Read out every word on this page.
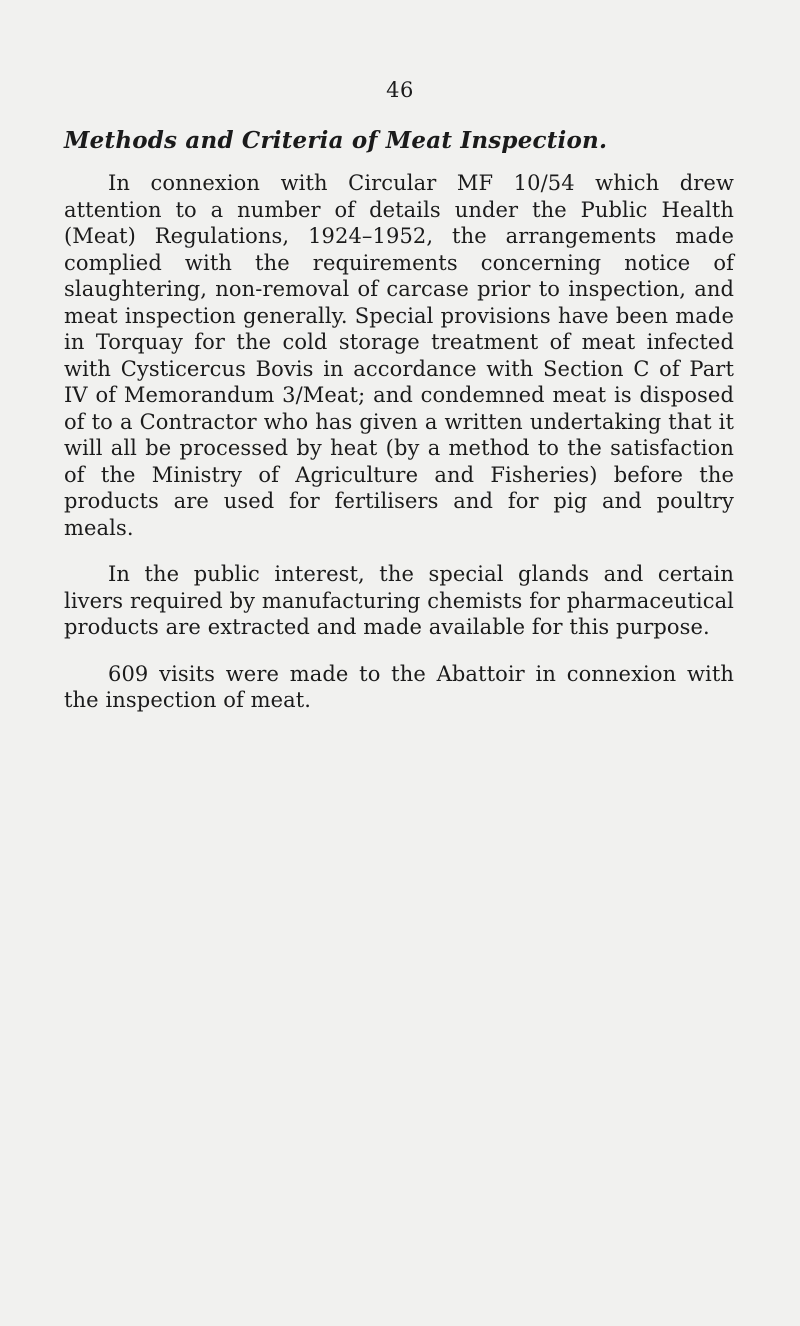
46
Methods and Criteria of Meat Inspection.

In connexion with Circular MF 10/54 which drew attention to a number of details under the Public Health (Meat) Regulations, 1924–1952, the arrangements made complied with the requirements concerning notice of slaughtering, non-removal of carcase prior to inspection, and meat inspection generally. Special provisions have been made in Torquay for the cold storage treatment of meat infected with Cysticercus Bovis in accordance with Section C of Part IV of Memorandum 3/Meat; and condemned meat is disposed of to a Contractor who has given a written undertaking that it will all be processed by heat (by a method to the satisfaction of the Ministry of Agriculture and Fisheries) before the products are used for fertilisers and for pig and poultry meals.

In the public interest, the special glands and certain livers required by manufacturing chemists for pharmaceutical products are extracted and made available for this purpose.

609 visits were made to the Abattoir in connexion with the inspection of meat.
